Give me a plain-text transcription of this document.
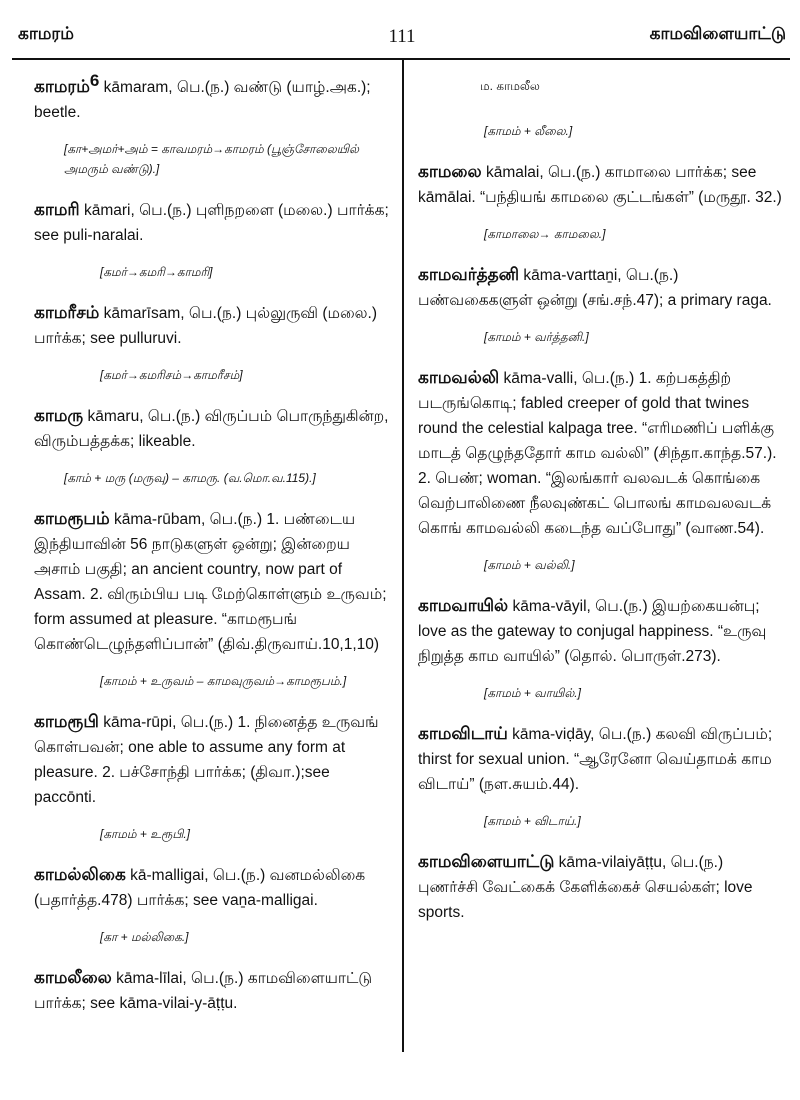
காமரம்	111	காமவிளையாட்டு
காமரம்$^6$ kāmaram, பெ.(ந.) வண்டு (யாழ்.அக.); beetle.
[கா+அமர்+அம் = காவமரம்→காமரம் (பூஞ்சோலையில் அமரும் வண்டு).]
காமரி kāmari, பெ.(ந.) புளிநறளை (மலை.) பார்க்க; see puli-naralai.
[கமர்→கமரி→காமரி]
காமரீசம் kāmarīsam, பெ.(ந.) புல்லுருவி (மலை.) பார்க்க; see pulluruvi.
[கமர்→கமரிசம்→காமரீசம்]
காமரு kāmaru, பெ.(ந.) விருப்பம் பொருந்துகின்ற, விரும்பத்தக்க; likeable.
[காம் + மரு (மருவு) – காமரு. (வ.மொ.வ.115).]
காமரூபம் kāma-rūbam, பெ.(ந.) 1. பண்டைய இந்தியாவின் 56 நாடுகளுள் ஒன்று; இன்றைய அசாம் பகுதி; an ancient country, now part of Assam. 2. விரும்பிய படி மேற்கொள்ளும் உருவம்; form assumed at pleasure. “காமரூபங் கொண்டெழுந்தளிப்பான்” (திவ்.திருவாய்.10,1,10)
[காமம் + உருவம் – காமவுருவம்→காமரூபம்.]
காமரூபி kāma-rūpi, பெ.(ந.) 1. நினைத்த உருவங் கொள்பவன்; one able to assume any form at pleasure. 2. பச்சோந்தி பார்க்க; (திவா.);see paccōnti.
[காமம் + உரூபி.]
காமல்லிகை kā-malligai, பெ.(ந.) வனமல்லிகை (பதார்த்த.478) பார்க்க; see vaṉa-malligai.
[கா + மல்லிகை.]
காமலீலை kāma-līlai, பெ.(ந.) காமவிளையாட்டு பார்க்க; see kāma-vilai-y-āṭṭu.
ம. காமலீல
[காமம் + லீலை.]
காமலை kāmalai, பெ.(ந.) காமாலை பார்க்க; see kāmālai. “பந்தியங் காமலை குட்டங்கள்” (மருதூ. 32.)
[காமாலை→ காமலை.]
காமவர்த்தனி kāma-varttaṉi, பெ.(ந.) பண்வகைகளுள் ஒன்று (சங்.சந்.47); a primary raga.
[காமம் + வர்த்தனி.]
காமவல்லி kāma-valli, பெ.(ந.) 1. கற்பகத்திற் படருங்கொடி; fabled creeper of gold that twines round the celestial kalpaga tree. “எரிமணிப் பளிக்கு மாடத் தெழுந்ததோர் காம வல்லி” (சிந்தா.காந்த.57.). 2. பெண்; woman. “இலங்கார் வலவடக் கொங்கை வெற்பாலிணை நீலவுண்கட் பொலங் காமவலவடக் கொங் காமவல்லி கடைந்த வப்போது” (வாண.54).
[காமம் + வல்லி.]
காமவாயில் kāma-vāyil, பெ.(ந.) இயற்கையன்பு; love as the gateway to conjugal happiness. “உருவு நிறுத்த காம வாயில்” (தொல். பொருள்.273).
[காமம் + வாயில்.]
காமவிடாய் kāma-viḍāy, பெ.(ந.) கலவி விருப்பம்; thirst for sexual union. “ஆரேனோ வெய்தாமக் காம விடாய்” (நள.சுயம்.44).
[காமம் + விடாய்.]
காமவிளையாட்டு kāma-vilaiyāṭṭu, பெ.(ந.) புணர்ச்சி வேட்கைக் கேளிக்கைச் செயல்கள்; love sports.
